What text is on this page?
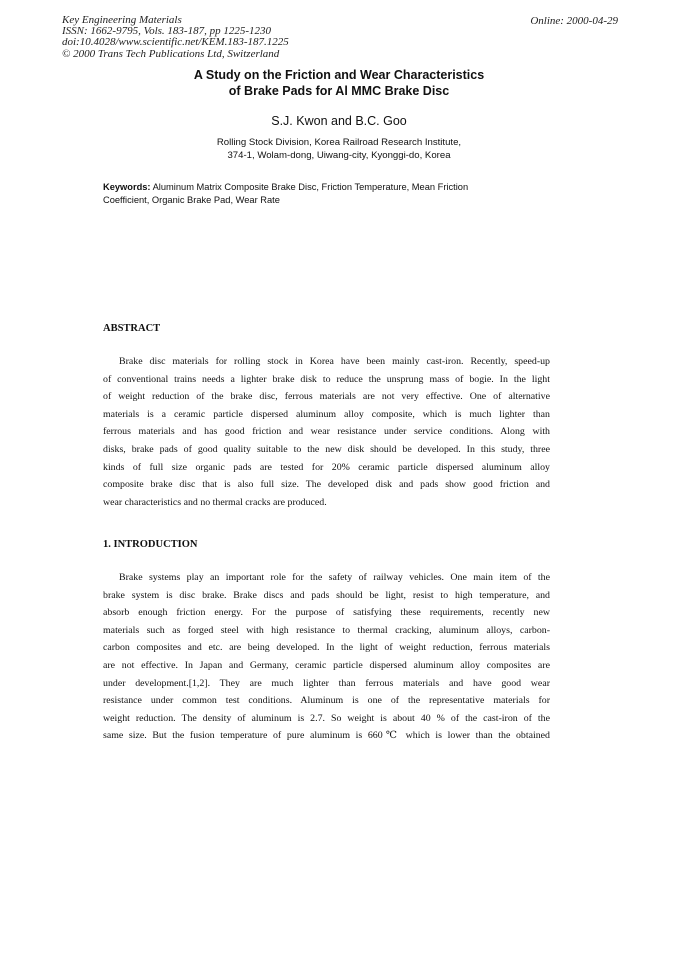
Key Engineering Materials
ISSN: 1662-9795, Vols. 183-187, pp 1225-1230
doi:10.4028/www.scientific.net/KEM.183-187.1225
© 2000 Trans Tech Publications Ltd, Switzerland
Online: 2000-04-29
A Study on the Friction and Wear Characteristics
of Brake Pads for Al MMC Brake Disc
S.J. Kwon and B.C. Goo
Rolling Stock Division, Korea Railroad Research Institute,
374-1, Wolam-dong, Uiwang-city, Kyonggi-do, Korea
Keywords: Aluminum Matrix Composite Brake Disc, Friction Temperature, Mean Friction
Coefficient, Organic Brake Pad, Wear Rate
ABSTRACT
Brake disc materials for rolling stock in Korea have been mainly cast-iron. Recently, speed-up
of conventional trains needs a lighter brake disk to reduce the unsprung mass of bogie. In the light
of weight reduction of the brake disc, ferrous materials are not very effective. One of alternative
materials is a ceramic particle dispersed aluminum alloy composite, which is much lighter than
ferrous materials and has good friction and wear resistance under service conditions. Along with
disks, brake pads of good quality suitable to the new disk should be developed. In this study, three
kinds of full size organic pads are tested for 20% ceramic particle dispersed aluminum alloy
composite brake disc that is also full size. The developed disk and pads show good friction and
wear characteristics and no thermal cracks are produced.
1. INTRODUCTION
Brake systems play an important role for the safety of railway vehicles. One main item of the
brake system is disc brake. Brake discs and pads should be light, resist to high temperature, and
absorb enough friction energy. For the purpose of satisfying these requirements, recently new
materials such as forged steel with high resistance to thermal cracking, aluminum alloys, carbon-
carbon composites and etc. are being developed. In the light of weight reduction, ferrous materials
are not effective. In Japan and Germany, ceramic particle dispersed aluminum alloy composites are
under development.[1,2]. They are much lighter than ferrous materials and have good wear
resistance under common test conditions. Aluminum is one of the representative materials for
weight reduction. The density of aluminum is 2.7. So weight is about 40 % of the cast-iron of the
same size. But the fusion temperature of pure aluminum is 660℃ which is lower than the obtained
